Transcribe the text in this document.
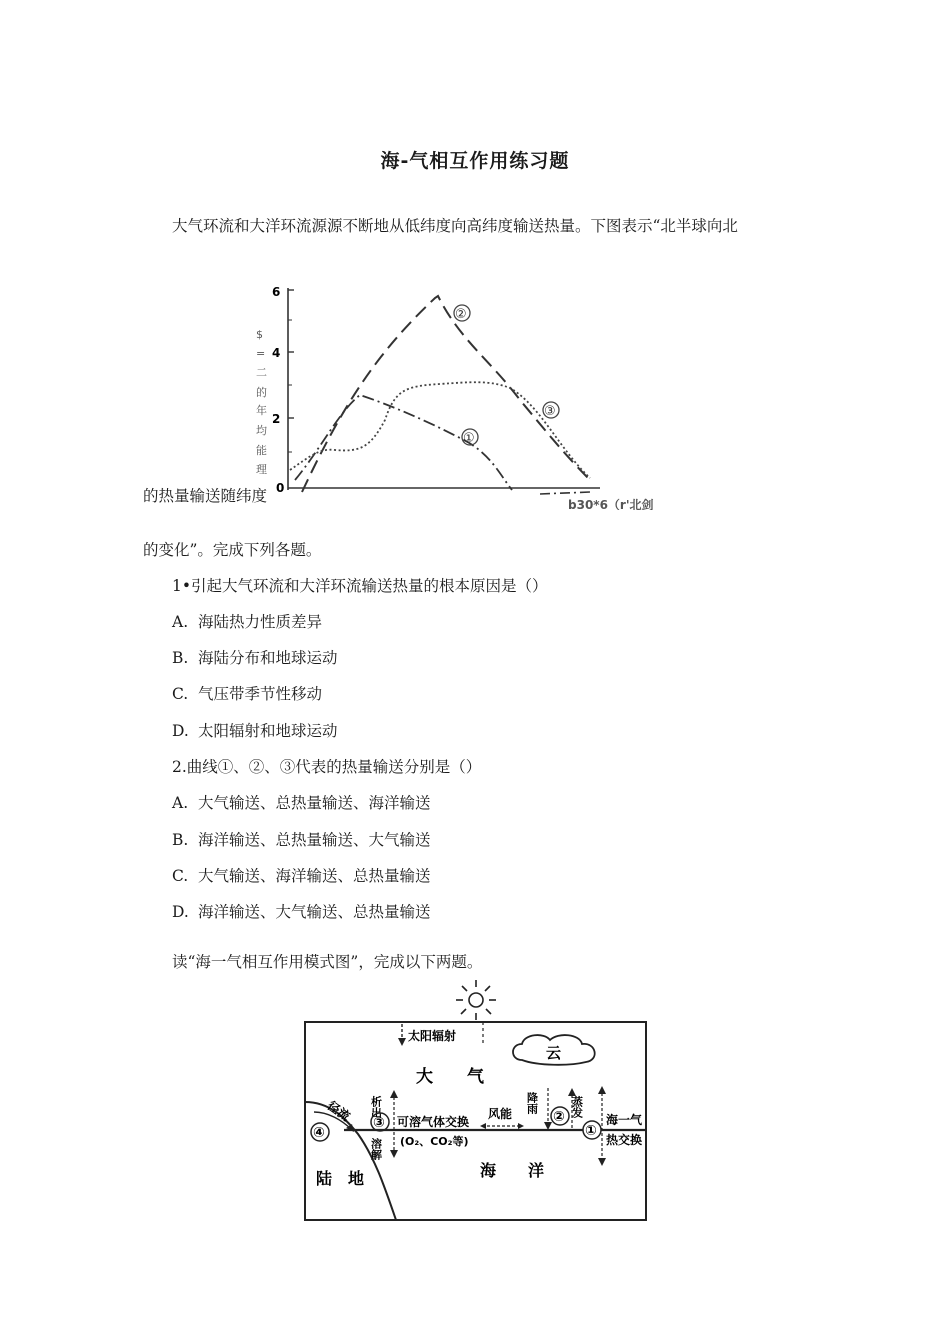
海-气相互作用练习题
大气环流和大洋环流源源不断地从低纬度向高纬度输送热量。下图表示“北半球向北
6
4
2
0
$
=
二
的
年
均
能
理
②
③
①
b30*6（r'北剑
的热量输送随纬度
的变化”。完成下列各题。
1•引起大气环流和大洋环流输送热量的根本原因是（）
A. 海陆热力性质差异
B. 海陆分布和地球运动
C. 气压带季节性移动
D. 太阳辐射和地球运动
2.曲线①、②、③代表的热量输送分别是（）
A. 大气输送、总热量输送、海洋输送
B. 海洋输送、总热量输送、大气输送
C. 大气输送、海洋输送、总热量输送
D. 海洋输送、大气输送、总热量输送
读“海一气相互作用模式图”，完成以下两题。
太阳辐射
云
大　　气
径流
④
陆　地
析出
溶解
③ 可溶气体交换
(O₂、CO₂等)
风能 降雨
② 蒸发
①
海一气
热交换
海　　洋
